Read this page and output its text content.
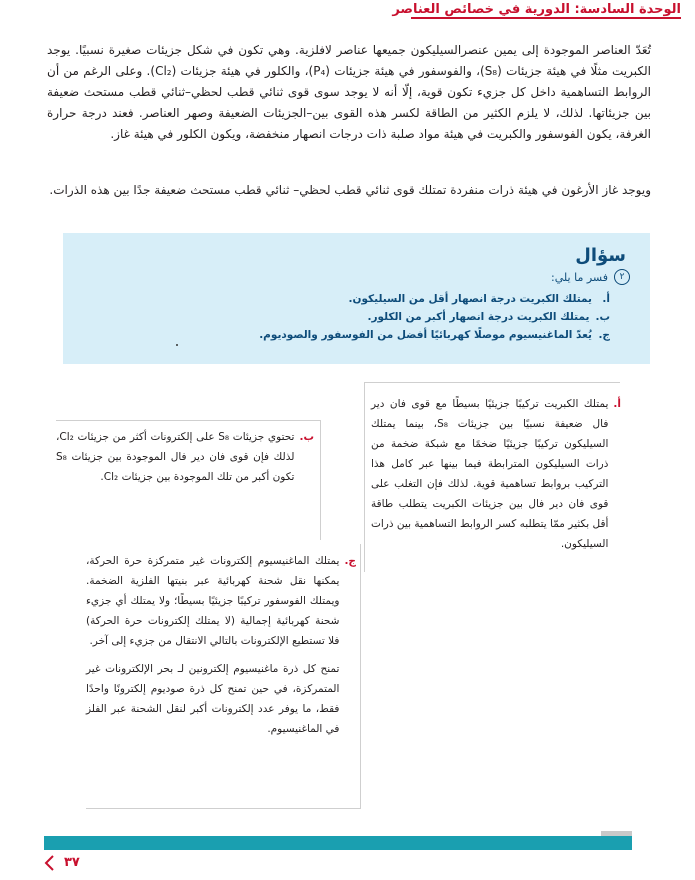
الوحدة السادسة: الدورية في خصائص العناصر

تُعَدّ العناصر الموجودة إلى يمين عنصرالسيليكون جميعها عناصر لافلزية. وهي تكون في شكل جزيئات صغيرة نسبيًا. يوجد الكبريت مثلًا في هيئة جزيئات (S₈)، والفوسفور في هيئة جزيئات (P₄)، والكلور في هيئة جزيئات (Cl₂). وعلى الرغم من أن الروابط التساهمية داخل كل جزيء تكون قوية، إلّا أنه لا يوجد سوى قوى ثنائي قطب لحظي–ثنائي قطب مستحث ضعيفة بين جزيئاتها. لذلك، لا يلزم الكثير من الطاقة لكسر هذه القوى بين–الجزيئات الضعيفة وصهر العناصر. فعند درجة حرارة الغرفة، يكون الفوسفور والكبريت في هيئة مواد صلبة ذات درجات انصهار منخفضة، ويكون الكلور في هيئة غاز.

ويوجد غاز الأرغون في هيئة ذرات منفردة تمتلك قوى ثنائي قطب لحظي– ثنائي قطب مستحث ضعيفة جدًا بين هذه الذرات.

سؤال
٢
فسر ما يلي:
أ.
يمتلك الكبريت درجة انصهار أقل من السيليكون.
ب.
يمتلك الكبريت درجة انصهار أكبر من الكلور.
ج.
يُعدّ الماغنيسيوم موصلًا كهربائيًا أفضل من الفوسفور والصوديوم.
أ.
يمتلك الكبريت تركيبًا جزيئيًا بسيطًا مع قوى فان دير فال ضعيفة نسبيًا بين جزيئات S₈، بينما يمتلك السيليكون تركيبًا جزيئيًا ضخمًا مع شبكة ضخمة من ذرات السيليكون المترابطة فيما بينها عبر كامل هذا التركيب بروابط تساهمية قوية. لذلك فإن التغلب على قوى فان دير فال بين جزيئات الكبريت يتطلب طاقة أقل بكثير ممّا يتطلبه كسر الروابط التساهمية بين ذرات السيليكون.
ب.
تحتوي جزيئات S₈ على إلكترونات أكثر من جزيئات Cl₂، لذلك فإن قوى فان دير فال الموجودة بين جزيئات S₈ تكون أكبر من تلك الموجودة بين جزيئات Cl₂.
ج.

يمتلك الماغنيسيوم إلكترونات غير متمركزة حرة الحركة، يمكنها نقل شحنة كهربائية عبر بنيتها الفلزية الضخمة. ويمتلك الفوسفور تركيبًا جزيئيًا بسيطًا؛ ولا يمتلك أي جزيء شحنة كهربائية إجمالية (لا يمتلك إلكترونات حرة الحركة) فلا تستطيع الإلكترونات بالتالي الانتقال من جزيء إلى آخر.

تمنح كل ذرة ماغنيسيوم إلكترونين لـ بحر الإلكترونات غير المتمركزة، في حين تمنح كل ذرة صوديوم إلكترونًا واحدًا فقط، ما يوفر عدد إلكترونات أكبر لنقل الشحنة عبر الفلز في الماغنيسيوم.

٣٧
